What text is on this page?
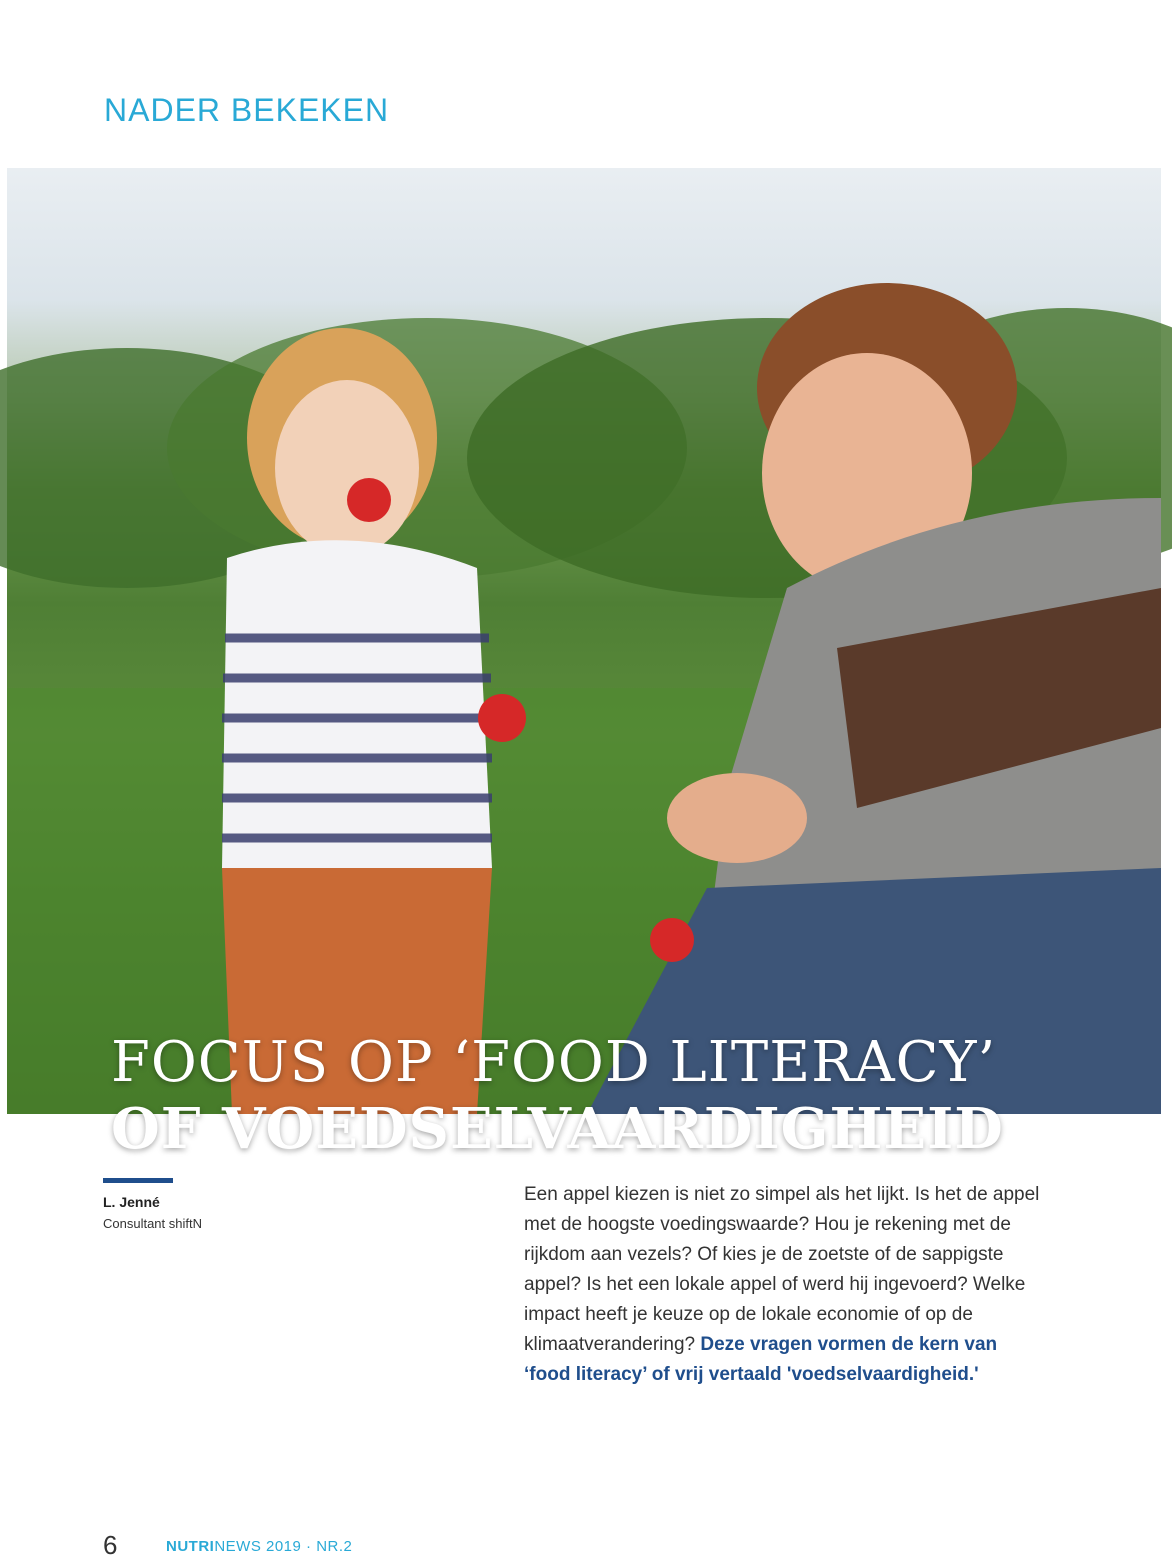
NADER BEKEKEN
FOCUS OP ‘FOOD LITERACY’
OF VOEDSELVAARDIGHEID
L. Jenné
Consultant shiftN
Een appel kiezen is niet zo simpel als het lijkt. Is het de appel met de hoogste voedingswaarde? Hou je rekening met de rijkdom aan vezels? Of kies je de zoetste of de sappigste appel? Is het een lokale appel of werd hij ingevoerd? Welke impact heeft je keuze op de lokale economie of op de klimaatverandering? Deze vragen vormen de kern van ‘food literacy’ of vrij vertaald 'voedselvaardigheid.'
6	NUTRINEWS 2019 · NR.2
